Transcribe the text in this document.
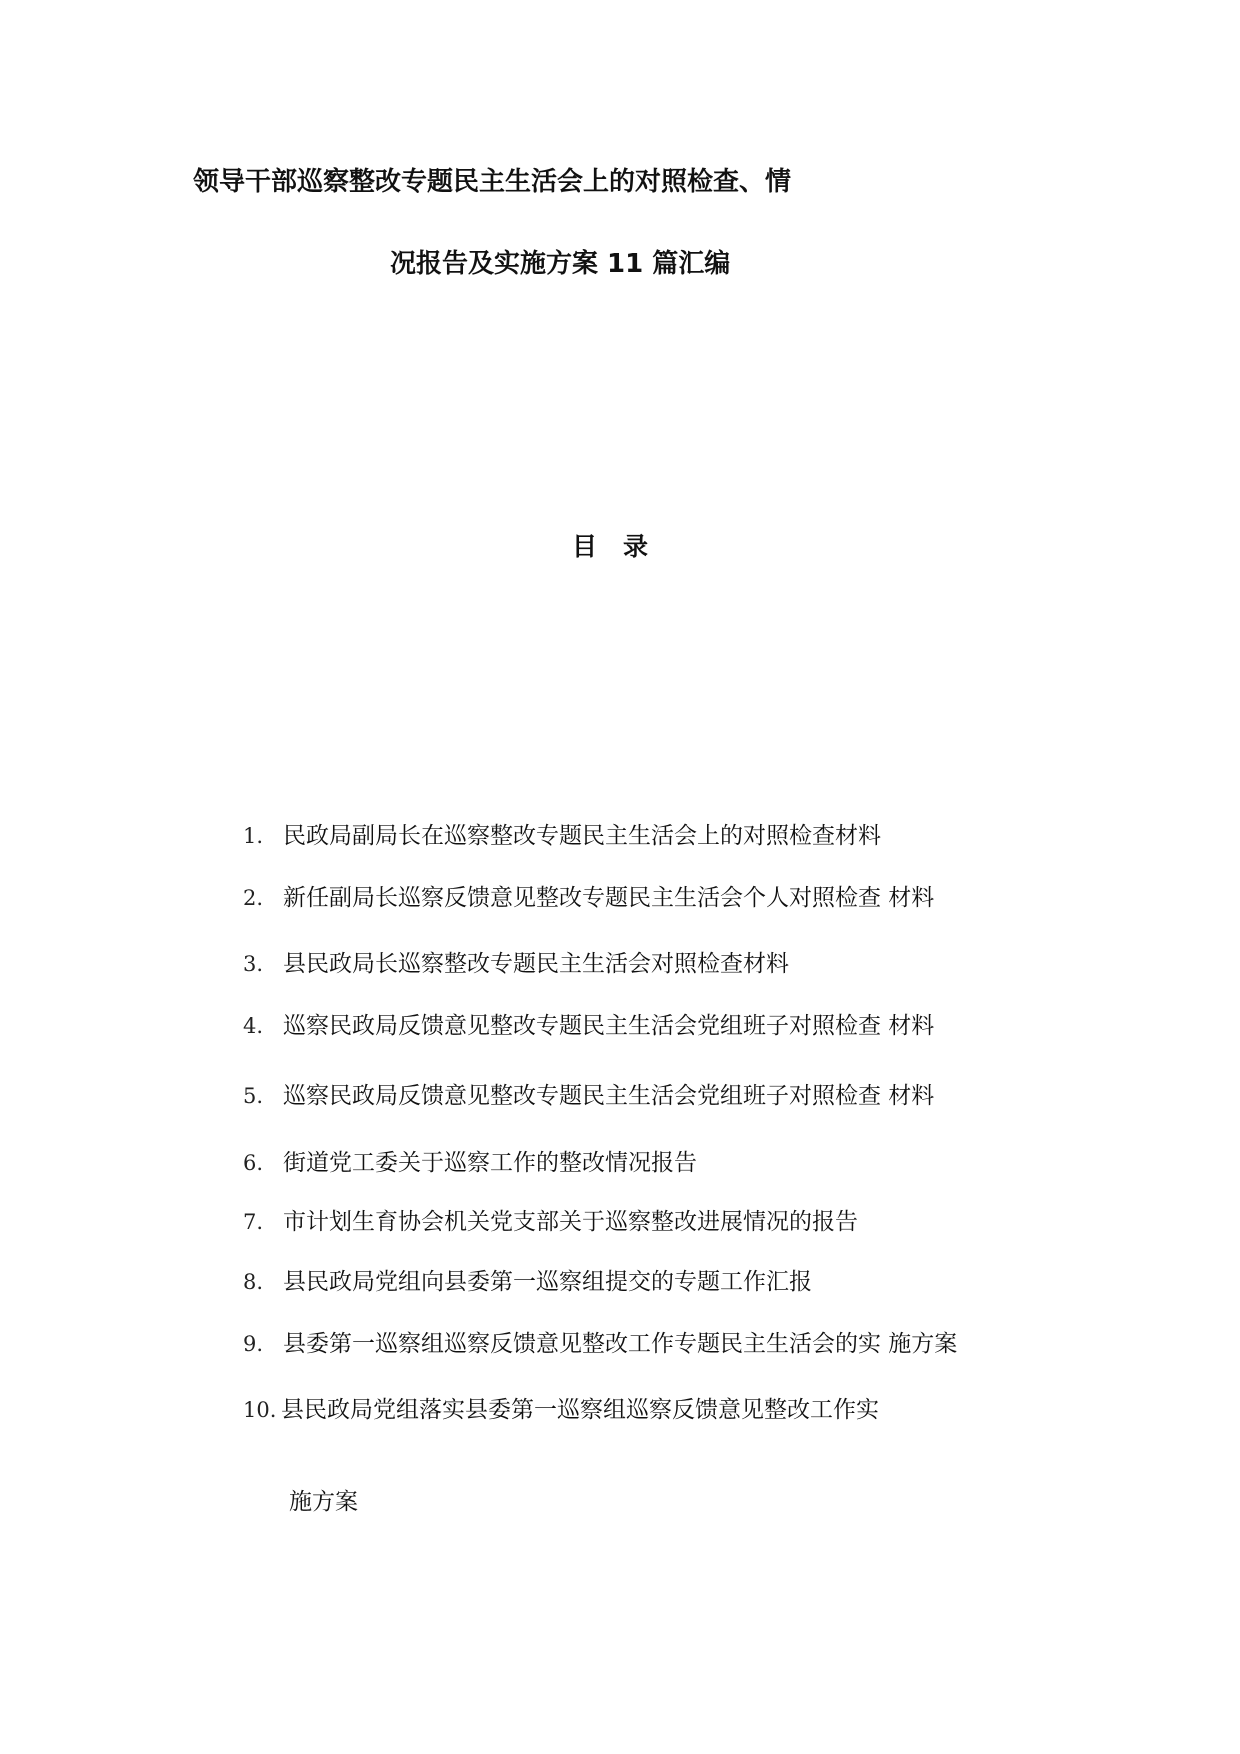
领导干部巡察整改专题民主生活会上的对照检查、情
况报告及实施方案 11 篇汇编
目录
1. 民政局副局长在巡察整改专题民主生活会上的对照检查材料
2. 新任副局长巡察反馈意见整改专题民主生活会个人对照检查 材料
3. 县民政局长巡察整改专题民主生活会对照检查材料
4. 巡察民政局反馈意见整改专题民主生活会党组班子对照检查 材料
5. 巡察民政局反馈意见整改专题民主生活会党组班子对照检查 材料
6. 街道党工委关于巡察工作的整改情况报告
7. 市计划生育协会机关党支部关于巡察整改进展情况的报告
8. 县民政局党组向县委第一巡察组提交的专题工作汇报
9. 县委第一巡察组巡察反馈意见整改工作专题民主生活会的实 施方案
10. 县民政局党组落实县委第一巡察组巡察反馈意见整改工作实
施方案
